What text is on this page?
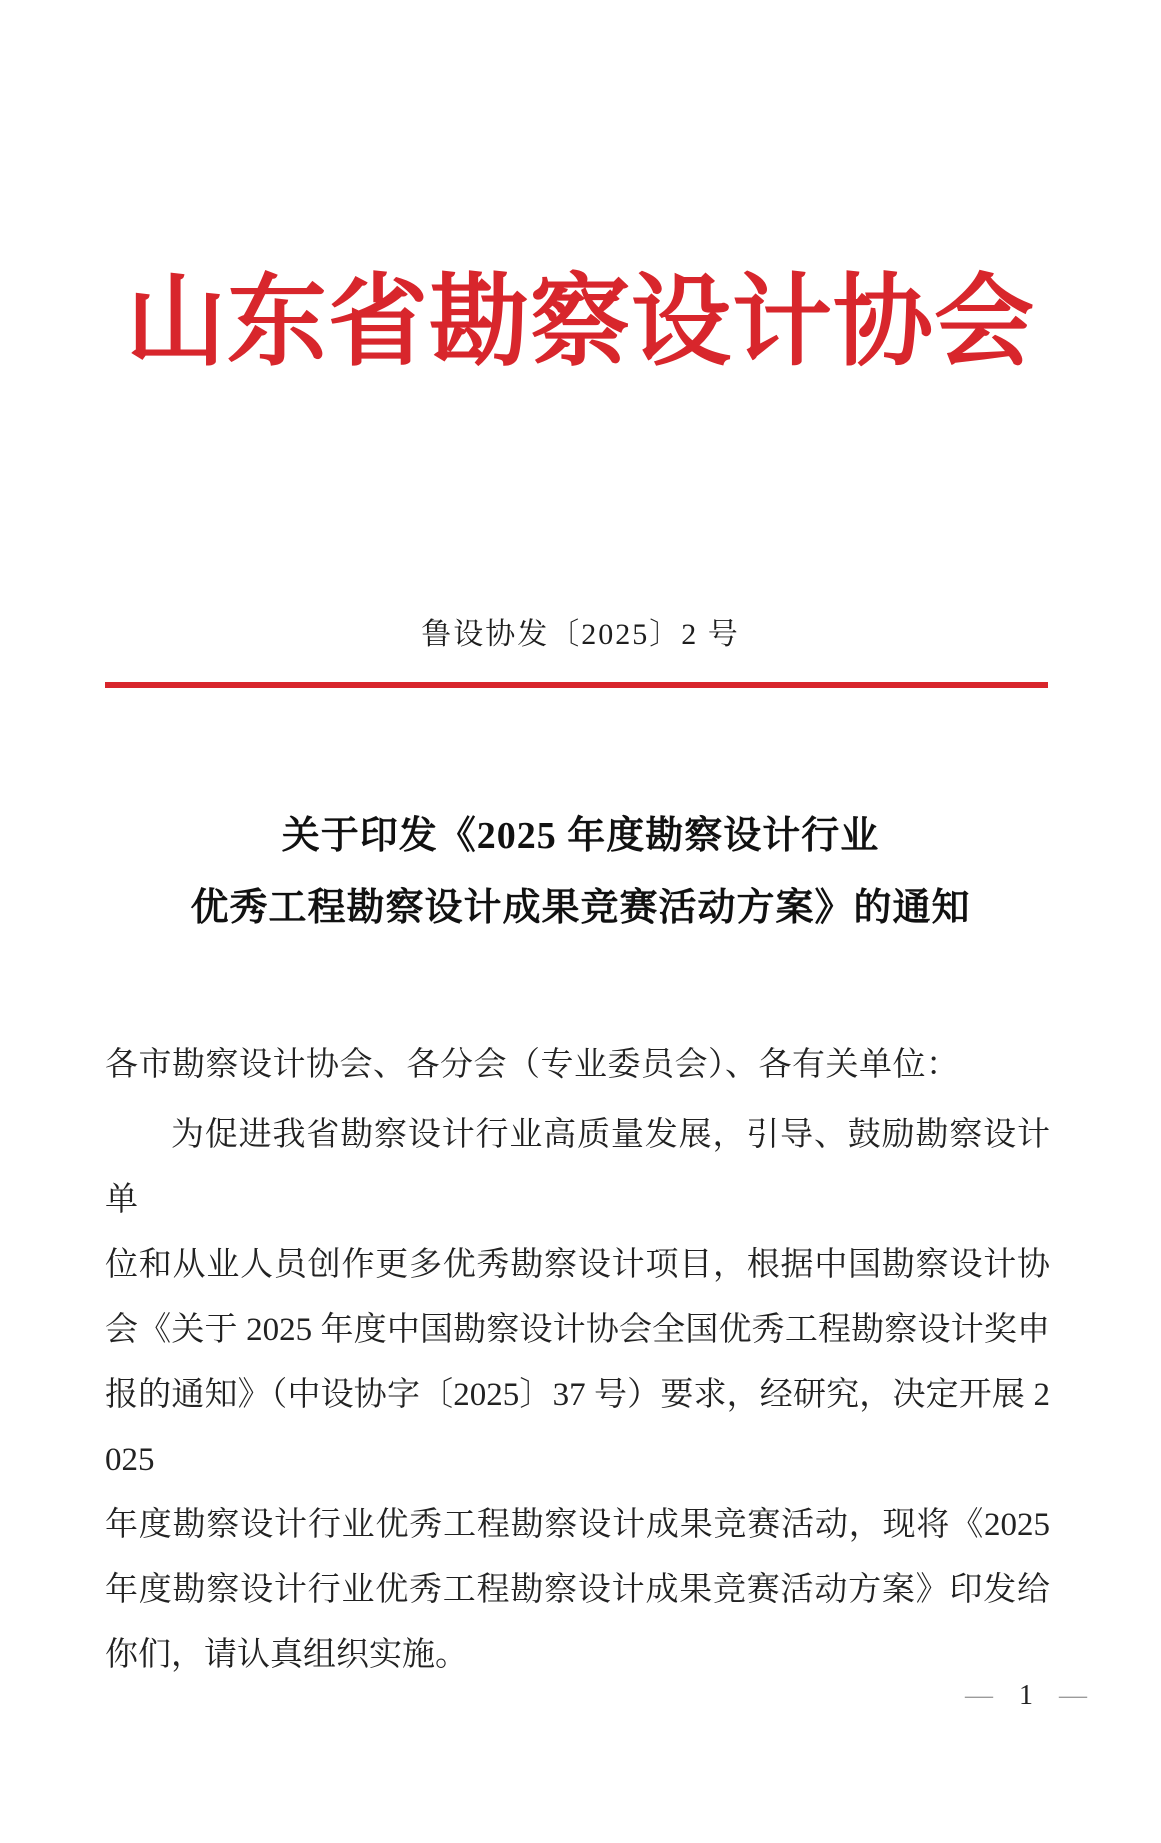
山东省勘察设计协会
鲁设协发〔2025〕2 号
关于印发《2025 年度勘察设计行业
优秀工程勘察设计成果竞赛活动方案》的通知
各市勘察设计协会、各分会（专业委员会）、各有关单位：
为促进我省勘察设计行业高质量发展，引导、鼓励勘察设计单
位和从业人员创作更多优秀勘察设计项目，根据中国勘察设计协
会《关于 2025 年度中国勘察设计协会全国优秀工程勘察设计奖申
报的通知》（中设协字〔2025〕37 号）要求，经研究，决定开展 2025
年度勘察设计行业优秀工程勘察设计成果竞赛活动，现将《2025
年度勘察设计行业优秀工程勘察设计成果竞赛活动方案》印发给
你们，请认真组织实施。
— 1 —
